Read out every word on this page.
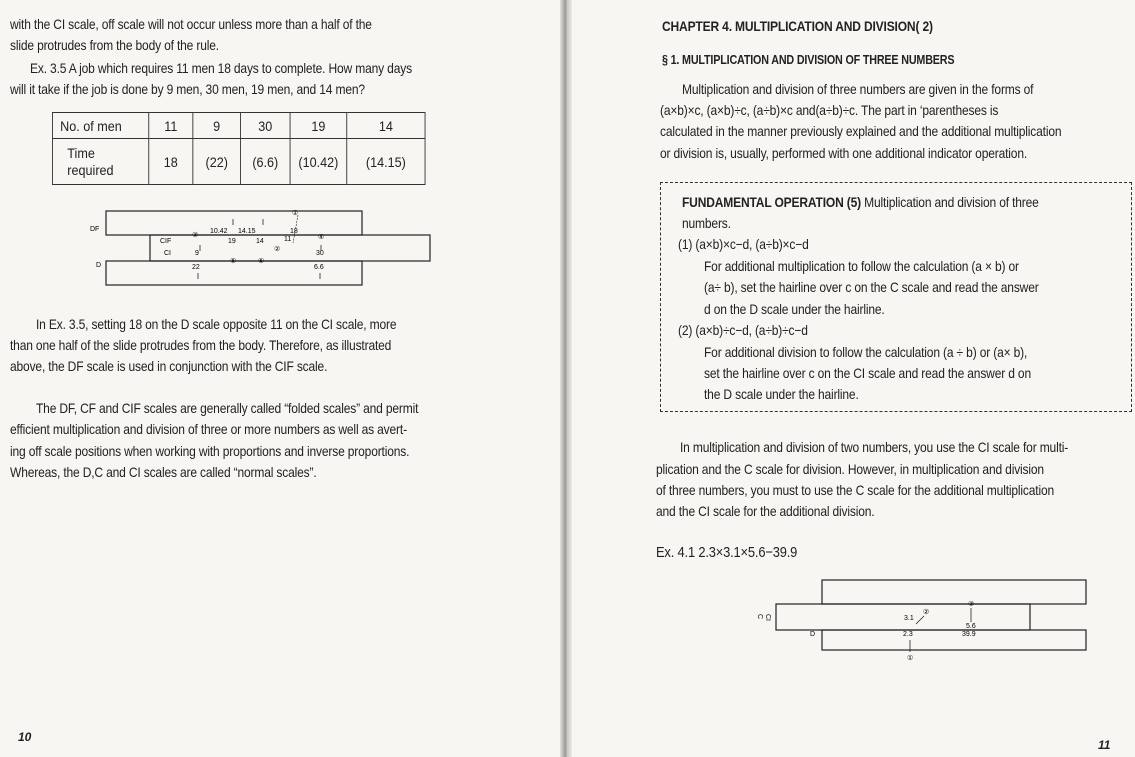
with the CI scale, off scale will not occur unless more than a half of the
slide protrudes from the body of the rule.
Ex. 3.5 A job which requires 11 men 18 days to complete. How many days
will it take if the job is done by 9 men, 30 men, 19 men, and 14 men?
No. of men	11	9	30	19	14
Time
required	18	(22)	(6.6)	(10.42)	(14.15)
DF
CIF
CI
D
10.42 14.15	18
19	14	11
9	30
22	6.6
①
③
②
④
⑤	⑥
In Ex. 3.5, setting 18 on the D scale opposite 11 on the CI scale, more
than one half of the slide protrudes from the body. Therefore, as illustrated
above, the DF scale is used in conjunction with the CIF scale.
The DF, CF and CIF scales are generally called “folded scales” and permit
efficient multiplication and division of three or more numbers as well as avert-
ing off scale positions when working with proportions and inverse proportions.
Whereas, the D,C and CI scales are called “normal scales”.
10
CHAPTER 4. MULTIPLICATION AND DIVISION( 2)
§ 1. MULTIPLICATION AND DIVISION OF THREE NUMBERS
Multiplication and division of three numbers are given in the forms of
(a×b)×c, (a×b)÷c, (a÷b)×c and(a÷b)÷c. The part in ‘parentheses is
calculated in the manner previously explained and the additional multiplication
or division is, usually, performed with one additional indicator operation.
FUNDAMENTAL OPERATION (5) Multiplication and division of three
numbers.
(1) (a×b)×c−d, (a÷b)×c−d
For additional multiplication to follow the calculation (a × b) or
(a÷ b), set the hairline over c on the C scale and read the answer
d on the D scale under the hairline.
(2) (a×b)÷c−d, (a÷b)÷c−d
For additional division to follow the calculation (a ÷ b) or (a× b),
set the hairline over c on the CI scale and read the answer d on
the D scale under the hairline.
In multiplication and division of two numbers, you use the CI scale for multi-
plication and the C scale for division. However, in multiplication and division
of three numbers, you must to use the C scale for the additional multiplication
and the CI scale for the additional division.
Ex. 4.1 2.3×3.1×5.6−39.9
CI
C
D
3.1
5.6
2.3	39.9
①
②
③
11
